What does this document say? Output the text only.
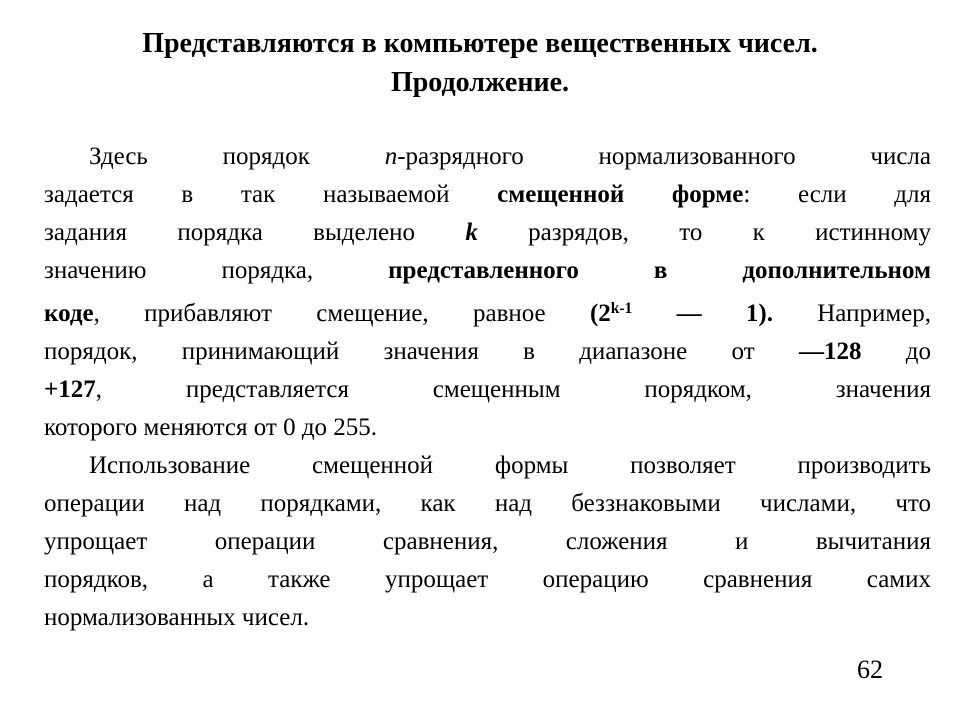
Представляются в компьютере вещественных чисел.
Продолжение.
Здесь порядок n-разрядного нормализованного числа
задается в так называемой смещенной форме: если для
задания порядка выделено k разрядов, то к истинному
значению порядка, представленного в дополнительном
коде, прибавляют смещение, равное (2$^{k-1}$ — 1). Например,
порядок, принимающий значения в диапазоне от —128 до
+127, представляется смещенным порядком, значения
которого меняются от 0 до 255.
Использование смещенной формы позволяет производить
операции над порядками, как над беззнаковыми числами, что
упрощает операции сравнения, сложения и вычитания
порядков, а также упрощает операцию сравнения самих
нормализованных чисел.
62
